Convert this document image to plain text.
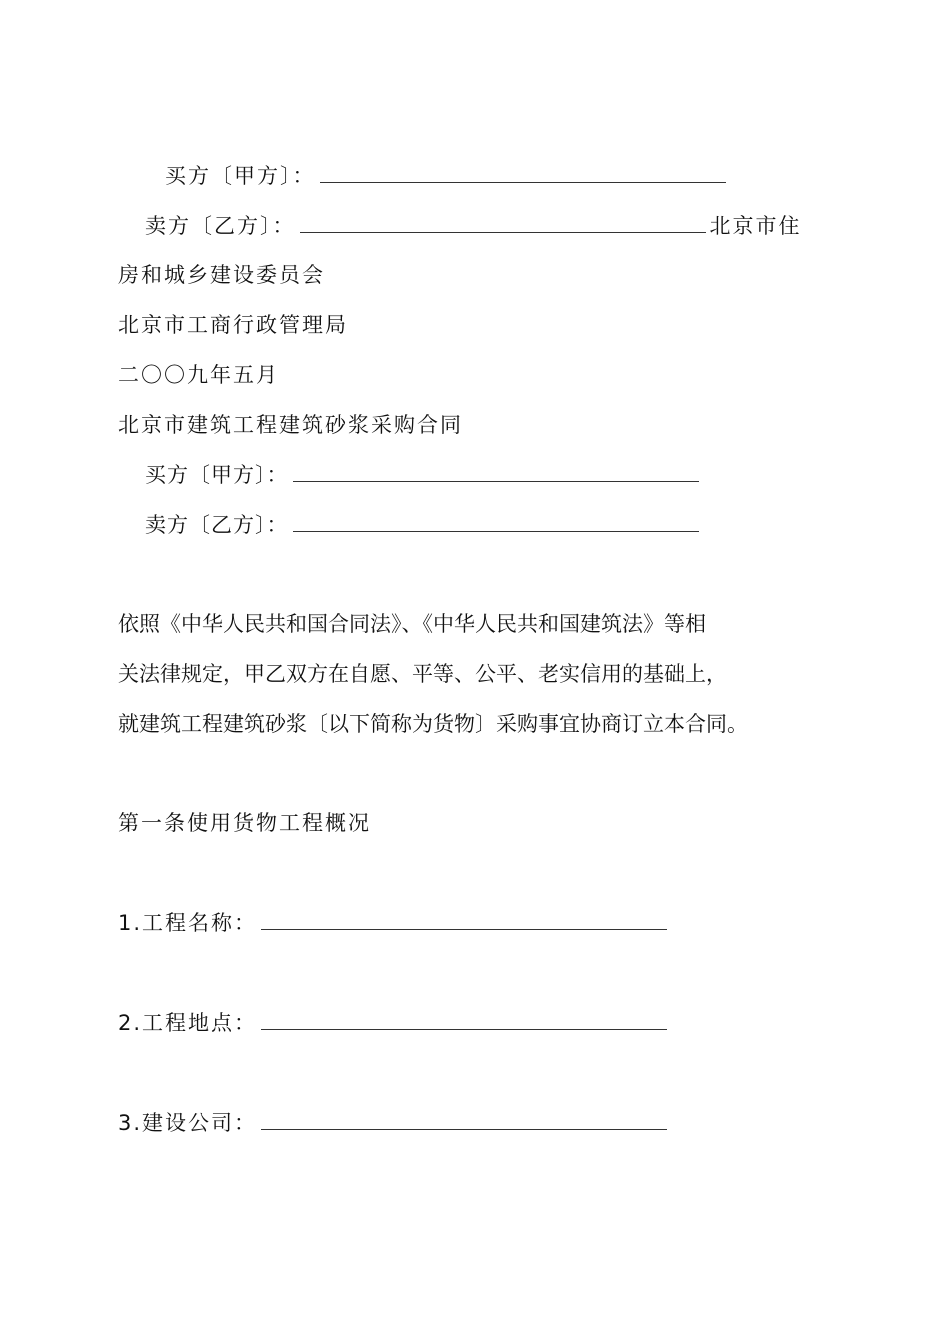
买方〔甲方〕：
卖方〔乙方〕：	北京市住
房和城乡建设委员会
北京市工商行政管理局
二〇〇九年五月
北京市建筑工程建筑砂浆采购合同
买方〔甲方〕：
卖方〔乙方〕：
依照《中华人民共和国合同法》、《中华人民共和国建筑法》等相
关法律规定，甲乙双方在自愿、平等、公平、老实信用的基础上，
就建筑工程建筑砂浆〔以下简称为货物〕采购事宜协商订立本合同。
第一条使用货物工程概况
1.工程名称：
2.工程地点：
3.建设公司：
